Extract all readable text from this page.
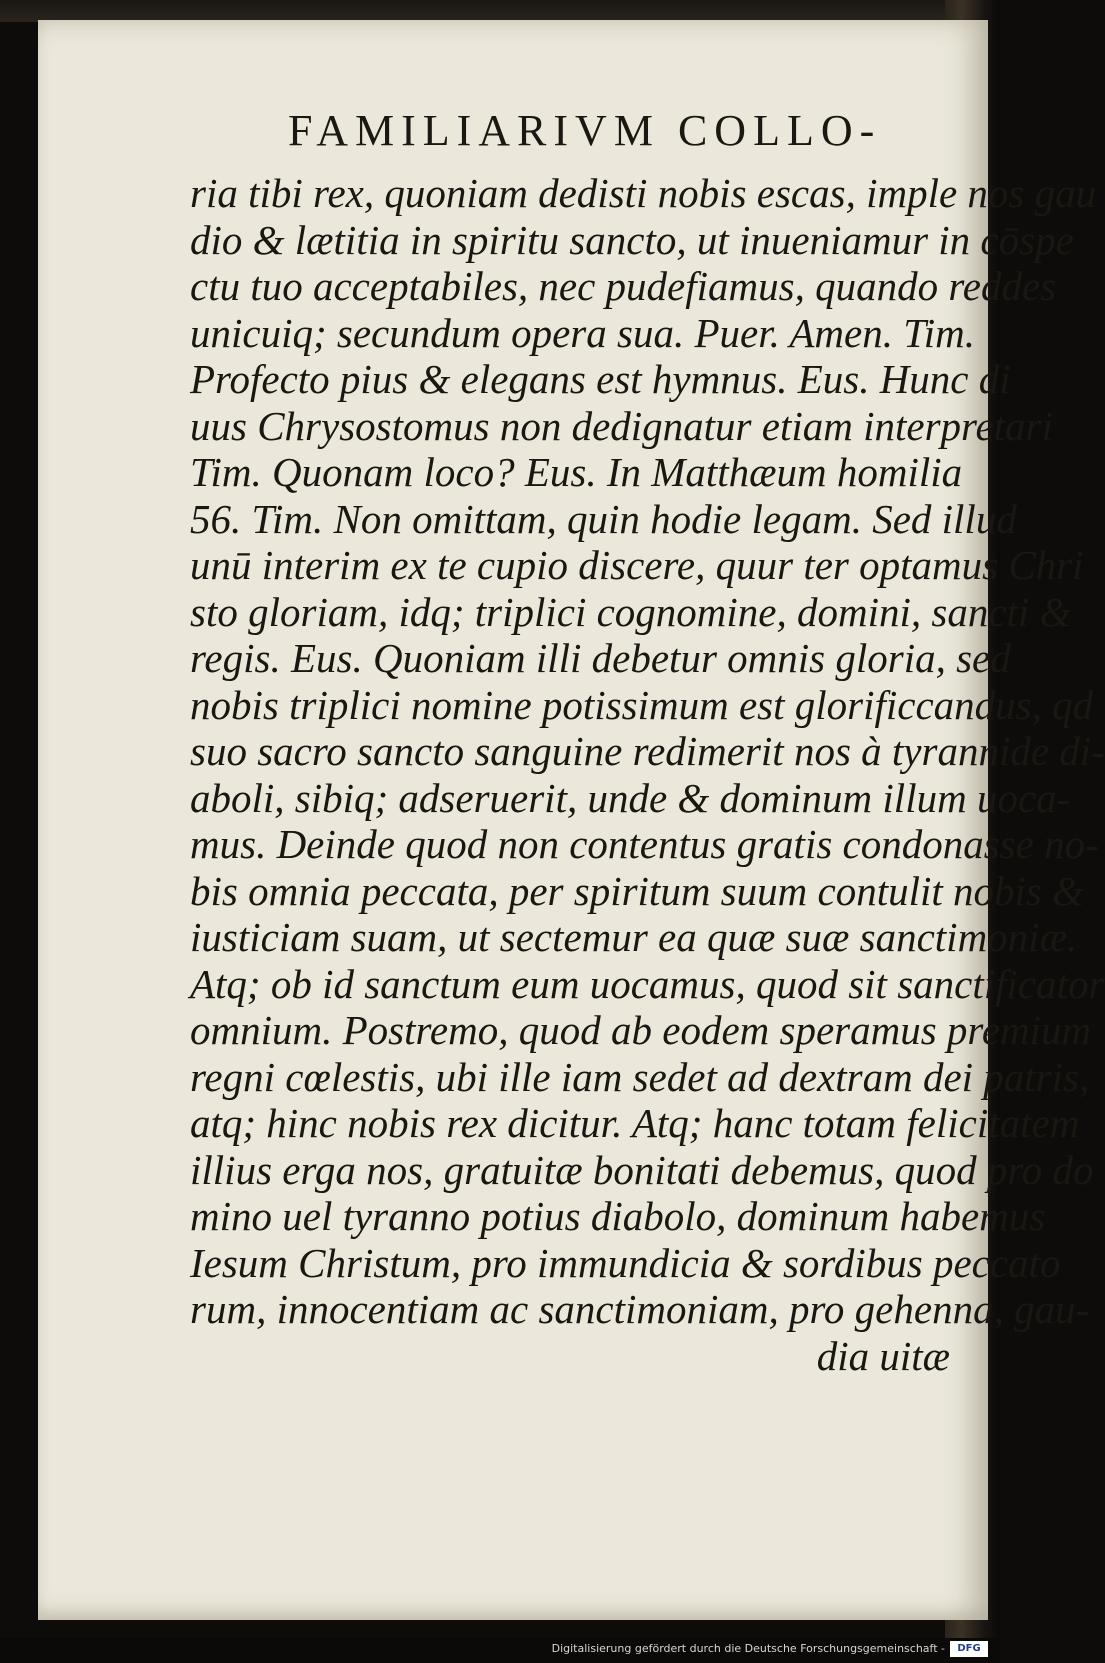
FAMILIARIVM COLLO‑
ria tibi rex, quoniam dedisti nobis escas, imple nos gau
dio & lætitia in spiritu sancto, ut inueniamur in cōspe
ctu tuo acceptabiles, nec pudefiamus, quando reddes
unicuiq; secundum opera sua. Puer. Amen. Tim.
Profecto pius & elegans est hymnus. Eus. Hunc di
uus Chrysostomus non dedignatur etiam interpretari
Tim. Quonam loco? Eus. In Matthæum homilia
56. Tim. Non omittam, quin hodie legam. Sed illud
unū interim ex te cupio discere, quur ter optamus Chri
sto gloriam, idq; triplici cognomine, domini, sancti &
regis. Eus. Quoniam illi debetur omnis gloria, sed
nobis triplici nomine potissimum est glorificcandus, qd
suo sacro sancto sanguine redimerit nos à tyrannide di‑
aboli, sibiq; adseruerit, unde & dominum illum uoca‑
mus. Deinde quod non contentus gratis condonasse no‑
bis omnia peccata, per spiritum suum contulit nobis &
iusticiam suam, ut sectemur ea quæ suæ sanctimoniæ.
Atq; ob id sanctum eum uocamus, quod sit sanctificator
omnium. Postremo, quod ab eodem speramus premium
regni cœlestis, ubi ille iam sedet ad dextram dei patris,
atq; hinc nobis rex dicitur. Atq; hanc totam felicitatem
illius erga nos, gratuitæ bonitati debemus, quod pro do
mino uel tyranno potius diabolo, dominum habemus
Iesum Christum, pro immundicia & sordibus peccato
rum, innocentiam ac sanctimoniam, pro gehenna, gau‑
dia uitæ
Digitalisierung gefördert durch die Deutsche Forschungsgemeinschaft -	DFG
